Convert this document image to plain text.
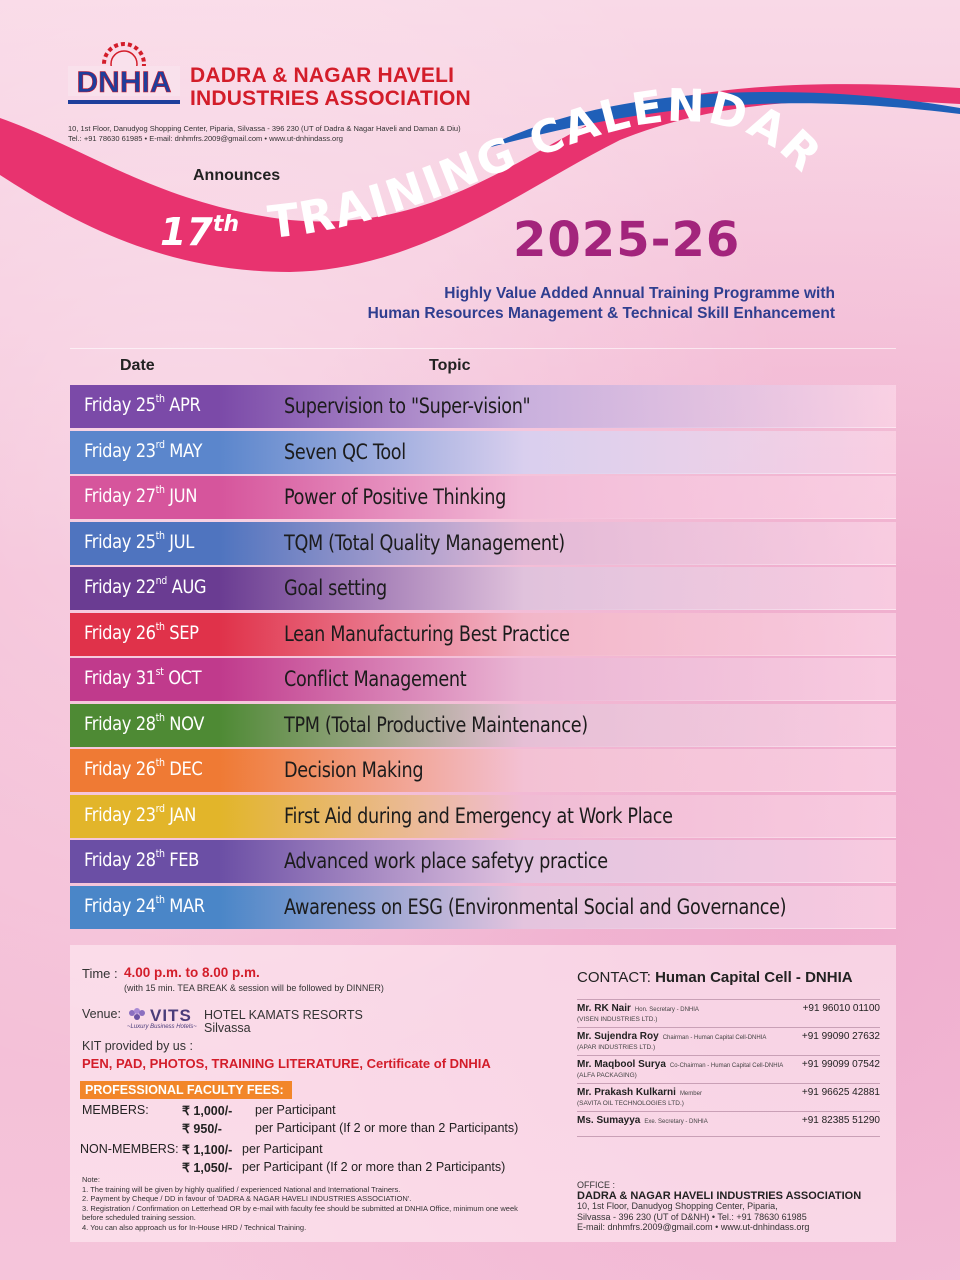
DNHIA DADRA & NAGAR HAVELI
INDUSTRIES ASSOCIATION
10, 1st Floor, Danudyog Shopping Center, Piparia, Silvassa - 396 230 (UT of Dadra & Nagar Haveli and Daman & Diu)
Tel.: +91 78630 61985 • E-mail: dnhmfrs.2009@gmail.com • www.ut-dnhindass.org
17th TRAINING CALENDAR
Announces
2025-26
Highly Value Added Annual Training Programme with
Human Resources Management & Technical Skill Enhancement
Date	Topic
Friday 25th APR	Supervision to "Super-vision"
Friday 23rd MAY	Seven QC Tool
Friday 27th JUN	Power of Positive Thinking
Friday 25th JUL	TQM (Total Quality Management)
Friday 22nd AUG	Goal setting
Friday 26th SEP	Lean Manufacturing Best Practice
Friday 31st OCT	Conflict Management
Friday 28th NOV	TPM (Total Productive Maintenance)
Friday 26th DEC	Decision Making
Friday 23rd JAN	First Aid during and Emergency at Work Place
Friday 28th FEB	Advanced work place safetyy practice
Friday 24th MAR	Awareness on ESG (Environmental Social and Governance)
Time : 4.00 p.m. to 8.00 p.m.
(with 15 min. TEA BREAK & session will be followed by DINNER)
Venue: VITS
~Luxury Business Hotels~
HOTEL KAMATS RESORTS
Silvassa
KIT provided by us :
PEN, PAD, PHOTOS, TRAINING LITERATURE, Certificate of DNHIA
PROFESSIONAL FACULTY FEES:
MEMBERS:	₹ 1,000/- per Participant
₹ 950/-	per Participant (If 2 or more than 2 Participants)
NON-MEMBERS: ₹ 1,100/- per Participant
₹ 1,050/- per Participant (If 2 or more than 2 Participants)
Note:
1. The training will be given by highly qualified / experienced National and International Trainers.
2. Payment by Cheque / DD in favour of 'DADRA & NAGAR HAVELI INDUSTRIES ASSOCIATION'.
3. Registration / Confirmation on Letterhead OR by e-mail with faculty fee should be submitted at DNHIA Office, minimum one week
before scheduled training session.
4. You can also approach us for In-House HRD / Technical Training.
CONTACT: Human Capital Cell - DNHIA
Mr. RK Nair Hon. Secretary - DNHIA
(VISEN INDUSTRIES LTD.)
+91 96010 01100
Mr. Sujendra Roy Chairman - Human Capital Cell-DNHIA
(APAR INDUSTRIES LTD.)
+91 99090 27632
Mr. Maqbool Surya Co-Chairman - Human Capital Cell-DNHIA
(ALFA PACKAGING)
+91 99099 07542
Mr. Prakash Kulkarni Member
(SAVITA OIL TECHNOLOGIES LTD.)
+91 96625 42881
Ms. Sumayya Exe. Secretary - DNHIA	+91 82385 51290
OFFICE :
DADRA & NAGAR HAVELI INDUSTRIES ASSOCIATION
10, 1st Floor, Danudyog Shopping Center, Piparia,
Silvassa - 396 230 (UT of D&NH) • Tel.: +91 78630 61985
E-mail: dnhmfrs.2009@gmail.com • www.ut-dnhindass.org
